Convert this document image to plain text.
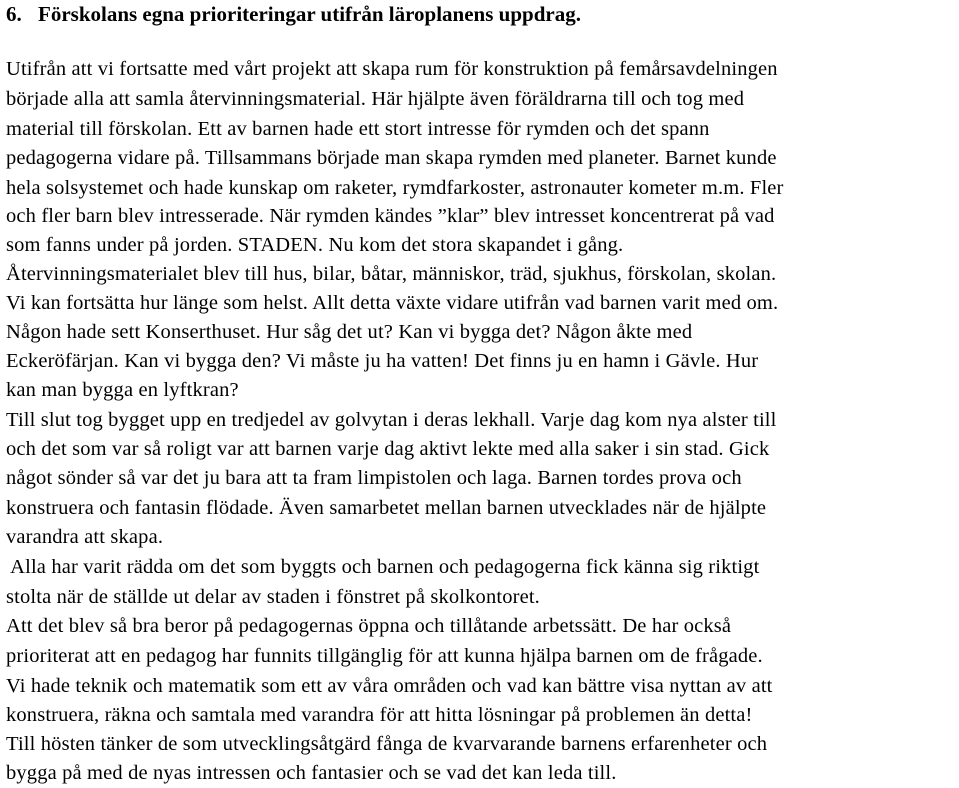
6.

Förskolans egna prioriteringar utifrån läroplanens uppdrag.

Utifrån att vi fortsatte med vårt projekt att skapa rum för konstruktion på femårsavdelningen
började alla att samla återvinningsmaterial. Här hjälpte även föräldrarna till och tog med
material till förskolan. Ett av barnen hade ett stort intresse för rymden och det spann
pedagogerna vidare på. Tillsammans började man skapa rymden med planeter. Barnet kunde
hela solsystemet och hade kunskap om raketer, rymdfarkoster, astronauter kometer m.m. Fler
och fler barn blev intresserade. När rymden kändes ”klar” blev intresset koncentrerat på vad
som fanns under på jorden. STADEN. Nu kom det stora skapandet i gång.
Återvinningsmaterialet blev till hus, bilar, båtar, människor, träd, sjukhus, förskolan, skolan.
Vi kan fortsätta hur länge som helst. Allt detta växte vidare utifrån vad barnen varit med om.
Någon hade sett Konserthuset. Hur såg det ut? Kan vi bygga det? Någon åkte med
Eckeröfärjan. Kan vi bygga den? Vi måste ju ha vatten! Det finns ju en hamn i Gävle. Hur
kan man bygga en lyftkran?
Till slut tog bygget upp en tredjedel av golvytan i deras lekhall. Varje dag kom nya alster till
och det som var så roligt var att barnen varje dag aktivt lekte med alla saker i sin stad. Gick
något sönder så var det ju bara att ta fram limpistolen och laga. Barnen tordes prova och
konstruera och fantasin flödade. Även samarbetet mellan barnen utvecklades när de hjälpte
varandra att skapa.
Alla har varit rädda om det som byggts och barnen och pedagogerna fick känna sig riktigt
stolta när de ställde ut delar av staden i fönstret på skolkontoret.
Att det blev så bra beror på pedagogernas öppna och tillåtande arbetssätt. De har också
prioriterat att en pedagog har funnits tillgänglig för att kunna hjälpa barnen om de frågade.
Vi hade teknik och matematik som ett av våra områden och vad kan bättre visa nyttan av att
konstruera, räkna och samtala med varandra för att hitta lösningar på problemen än detta!
Till hösten tänker de som utvecklingsåtgärd fånga de kvarvarande barnens erfarenheter och
bygga på med de nyas intressen och fantasier och se vad det kan leda till.
